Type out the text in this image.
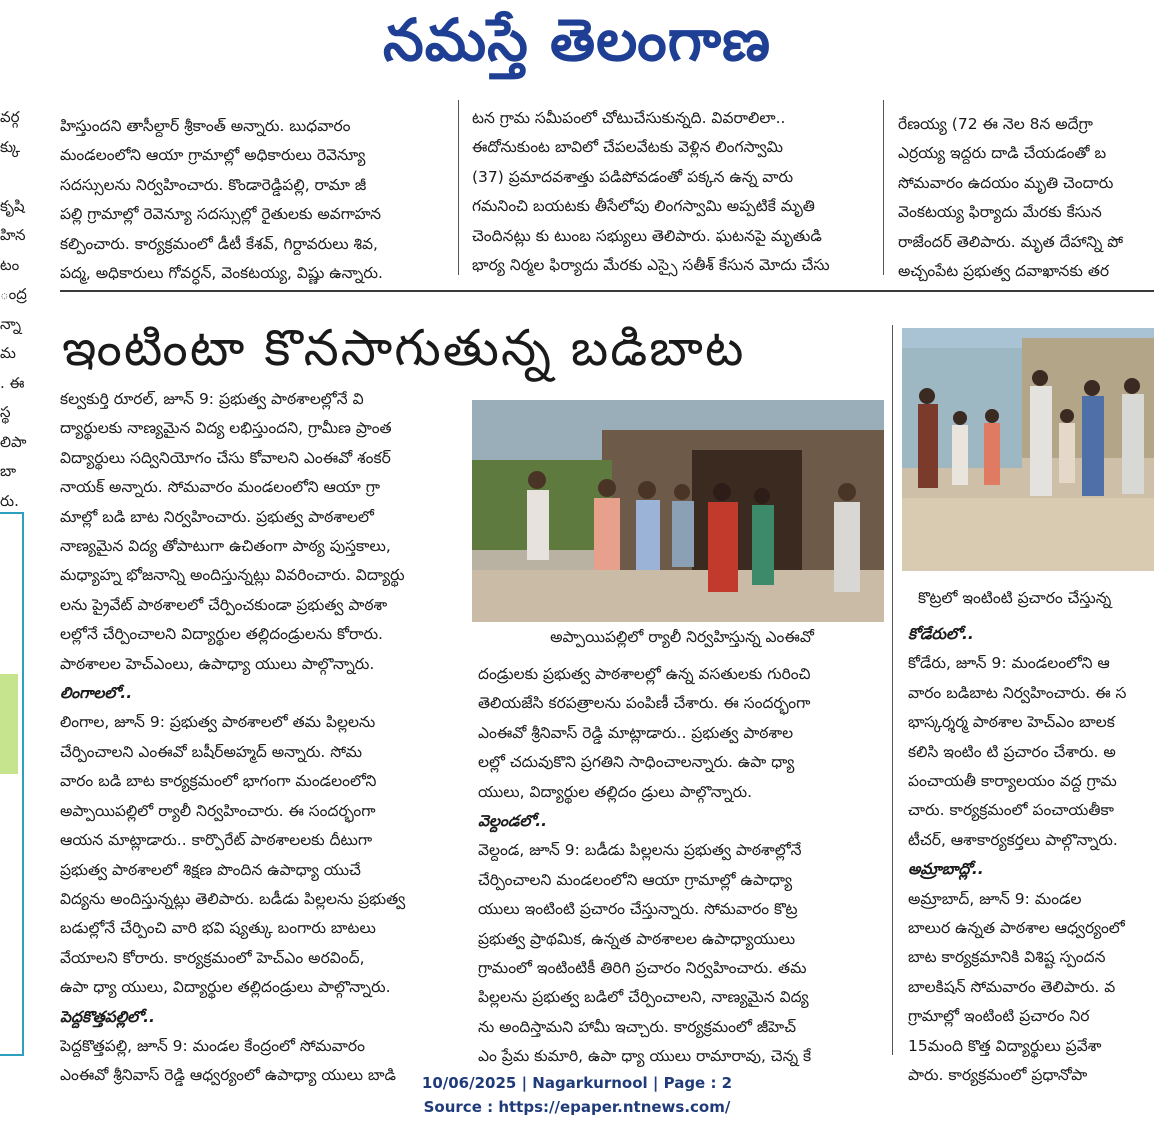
నమస్తే తెలంగాణ

వర్గ

క్కు

కృషి

హిన

టం

ంద్ర

న్నా

మ

. ఈ

స్థ

లిపా

బా

రు.

హిస్తుందని తాసీల్దార్ శ్రీకాంత్ అన్నారు. బుధవారం

మండలంలోని ఆయా గ్రామాల్లో అధికారులు రెవెన్యూ

సదస్సులను నిర్వహించారు. కొండారెడ్డిపల్లి, రామా జీ

పల్లి గ్రామాల్లో రెవెన్యూ సదస్సుల్లో రైతులకు అవగాహన

కల్పించారు. కార్యక్రమంలో డీటీ కేశవ్, గిర్దావరులు శివ,

పద్మ, అధికారులు గోవర్ధన్, వెంకటయ్య, విష్ణు ఉన్నారు.

టన గ్రామ సమీపంలో చోటుచేసుకున్నది. వివరాలిలా..

ఈదోనుకుంట బావిలో చేపలవేటకు వెళ్లిన లింగస్వామి

(37) ప్రమాదవశాత్తు పడిపోవడంతో పక్కన ఉన్న వారు

గమనించి బయటకు తీసేలోపు లింగస్వామి అప్పటికే మృతి

చెందినట్లు కు టుంబ సభ్యులు తెలిపారు. ఘటనపై మృతుడి

భార్య నిర్మల ఫిర్యాదు మేరకు ఎస్సై సతీశ్ కేసున మోదు చేసు

రేణయ్య (72 ఈ నెల 8న అదేగ్రా

ఎర్రయ్య ఇద్దరు దాడి చేయడంతో బ

సోమవారం ఉదయం మృతి చెందారు

వెంకటయ్య ఫిర్యాదు మేరకు కేసున

రాజేందర్ తెలిపారు. మృత దేహాన్ని పో

అచ్చంపేట ప్రభుత్వ దవాఖానకు తర

ఇంటింటా కొనసాగుతున్న బడిబాట

కల్వకుర్తి రూరల్, జూన్ 9: ప్రభుత్వ పాఠశాలల్లోనే వి

ద్యార్థులకు నాణ్యమైన విద్య లభిస్తుందని, గ్రామీణ ప్రాంత

విద్యార్థులు సద్వినియోగం చేసు కోవాలని ఎంఈవో శంకర్

నాయక్ అన్నారు. సోమవారం మండలంలోని ఆయా గ్రా

మాల్లో బడి బాట నిర్వహించారు. ప్రభుత్వ పాఠశాలలో

నాణ్యమైన విద్య తోపాటుగా ఉచితంగా పాఠ్య పుస్తకాలు,

మధ్యాహ్న భోజనాన్ని అందిస్తున్నట్లు వివరించారు. విద్యార్థు

లను ప్రైవేట్ పాఠశాలలో చేర్పించకుండా ప్రభుత్వ పాఠశా

లల్లోనే చేర్పించాలని విద్యార్థుల తల్లిదండ్రులను కోరారు.

పాఠశాలల హెచ్ఎంలు, ఉపాధ్యా యులు పాల్గొన్నారు.

లింగాలలో..

లింగాల, జూన్ 9: ప్రభుత్వ పాఠశాలలో తమ పిల్లలను

చేర్పించాలని ఎంఈవో బషీర్అహ్మద్ అన్నారు. సోమ

వారం బడి బాట కార్యక్రమంలో భాగంగా మండలంలోని

అప్పాయిపల్లిలో ర్యాలీ నిర్వహించారు. ఈ సందర్భంగా

ఆయన మాట్లాడారు.. కార్పొరేట్ పాఠశాలలకు దీటుగా

ప్రభుత్వ పాఠశాలలో శిక్షణ పొందిన ఉపాధ్యా యుచే

విద్యను అందిస్తున్నట్లు తెలిపారు. బడీడు పిల్లలను ప్రభుత్వ

బడుల్లోనే చేర్పించి వారి భవి ష్యత్కు బంగారు బాటలు

వేయాలని కోరారు. కార్యక్రమంలో హెచ్ఎం అరవింద్,

ఉపా ధ్యా యులు, విద్యార్థుల తల్లిదండ్రులు పాల్గొన్నారు.

పెద్దకొత్తపల్లిలో..

పెద్దకొత్తపల్లి, జూన్ 9: మండల కేంద్రంలో సోమవారం

ఎంఈవో శ్రీనివాస్ రెడ్డి ఆధ్వర్యంలో ఉపాధ్యా యులు బాడి

అప్పాయిపల్లిలో ర్యాలీ నిర్వహిస్తున్న ఎంఈవో

దండ్రులకు ప్రభుత్వ పాఠశాలల్లో ఉన్న వసతులకు గురించి

తెలియజేసి కరపత్రాలను పంపిణీ చేశారు. ఈ సందర్భంగా

ఎంఈవో శ్రీనివాస్ రెడ్డి మాట్లాడారు.. ప్రభుత్వ పాఠశాల

లల్లో చదువుకొని ప్రగతిని సాధించాలన్నారు. ఉపా ధ్యా

యులు, విద్యార్థుల తల్లిదం డ్రులు పాల్గొన్నారు.

వెల్దండలో..

వెల్దండ, జూన్ 9: బడీడు పిల్లలను ప్రభుత్వ పాఠశాల్లోనే

చేర్పించాలని మండలంలోని ఆయా గ్రామాల్లో ఉపాధ్యా

యులు ఇంటింటి ప్రచారం చేస్తున్నారు. సోమవారం కొట్ర

ప్రభుత్వ ప్రాథమిక, ఉన్నత పాఠశాలల ఉపాధ్యాయులు

గ్రామంలో ఇంటింటికీ తిరిగి ప్రచారం నిర్వహించారు. తమ

పిల్లలను ప్రభుత్వ బడిలో చేర్పించాలని, నాణ్యమైన విద్య

ను అందిస్తామని హామీ ఇచ్చారు. కార్యక్రమంలో జీహెచ్

ఎం ప్రేమ కుమారి, ఉపా ధ్యా యులు రామారావు, చెన్న కే

కొట్రలో ఇంటింటి ప్రచారం చేస్తున్న

కోడేరులో..

కోడేరు, జూన్ 9: మండలంలోని ఆ

వారం బడిబాట నిర్వహించారు. ఈ స

భాస్కర్శర్మ పాఠశాల హెచ్ఎం బాలక

కలిసి ఇంటిం టి ప్రచారం చేశారు. అ

పంచాయతీ కార్యాలయం వద్ద గ్రామ

చారు. కార్యక్రమంలో పంచాయతీకా

టీచర్, ఆశాకార్యకర్తలు పాల్గొన్నారు.

అమ్రాబాద్లో..

అమ్రాబాద్, జూన్ 9: మండల

బాలుర ఉన్నత పాఠశాల ఆధ్వర్యంలో

బాట కార్యక్రమానికి విశిష్ట స్పందన

బాలకిషన్ సోమవారం తెలిపారు. వ

గ్రామాల్లో ఇంటింటి ప్రచారం నిర

15మంది కొత్త విద్యార్థులు ప్రవేశా

పారు. కార్యక్రమంలో ప్రధానోపా

10/06/2025 | Nagarkurnool | Page : 2
Source : https://epaper.ntnews.com/
